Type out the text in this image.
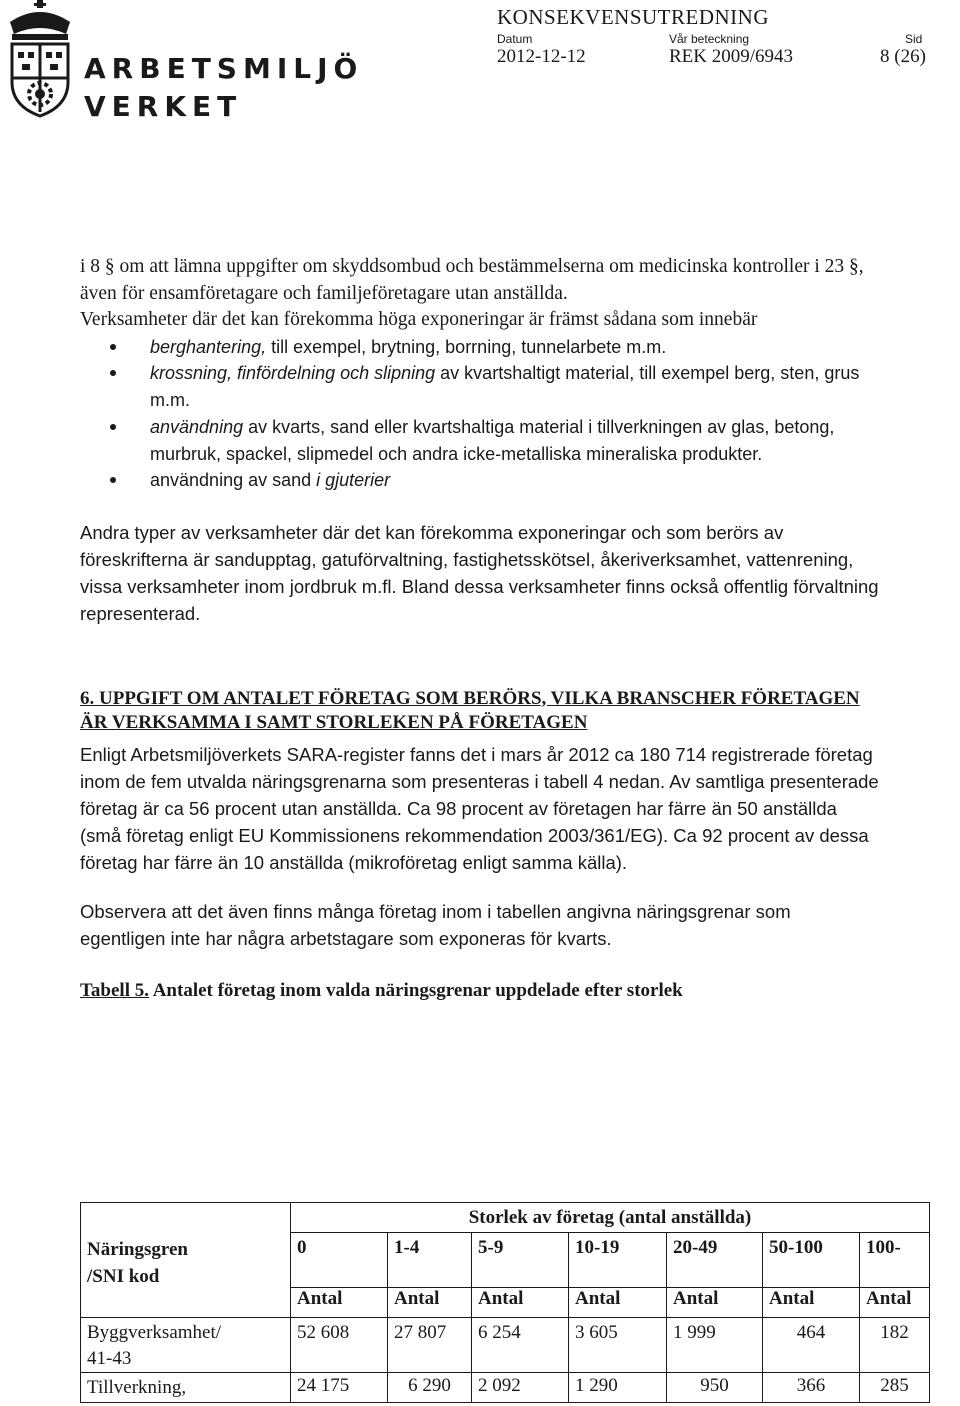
ARBETSMILJÖ
VERKET
KONSEKVENSUTREDNING
Datum	Vår beteckning	Sid
2012-12-12	REK 2009/6943	8 (26)

i 8 § om att lämna uppgifter om skyddsombud och bestämmelserna om medicinska kontroller i 23 §, även för ensamföretagare och familjeföretagare utan anställda.

Verksamheter där det kan förekomma höga exponeringar är främst sådana som innebär

berghantering, till exempel, brytning, borrning, tunnelarbete m.m.
krossning, finfördelning och slipning av kvartshaltigt material, till exempel berg, sten, grus m.m.
användning av kvarts, sand eller kvartshaltiga material i tillverkningen av glas, betong, murbruk, spackel, slipmedel och andra icke-metalliska mineraliska produkter.
användning av sand i gjuterier

Andra typer av verksamheter där det kan förekomma exponeringar och som berörs av föreskrifterna är sandupptag, gatuförvaltning, fastighetsskötsel, åkeriverksamhet, vattenrening, vissa verksamheter inom jordbruk m.fl. Bland dessa verksamheter finns också offentlig förvaltning representerad.

6. UPPGIFT OM ANTALET FÖRETAG SOM BERÖRS, VILKA BRANSCHER FÖRETAGEN ÄR VERKSAMMA I SAMT STORLEKEN PÅ FÖRETAGEN

Enligt Arbetsmiljöverkets SARA-register fanns det i mars år 2012 ca 180 714 registrerade företag inom de fem utvalda näringsgrenarna som presenteras i tabell 4 nedan. Av samtliga presenterade företag är ca 56 procent utan anställda. Ca 98 procent av företagen har färre än 50 anställda (små företag enligt EU Kommissionens rekommendation 2003/361/EG). Ca 92 procent av dessa företag har färre än 10 anställda (mikroföretag enligt samma källa).

Observera att det även finns många företag inom i tabellen angivna näringsgrenar som egentligen inte har några arbetstagare som exponeras för kvarts.

Tabell 5. Antalet företag inom valda näringsgrenar uppdelade efter storlek

Näringsgren
/SNI kod	Storlek av företag (antal anställda)						
	0	1-4	5-9	10-19	20-49	50-100	100-
	Antal	Antal	Antal	Antal	Antal	Antal	Antal

Byggverksamhet/
41-43	52 608	27 807	6 254	3 605	1 999	464	182

Tillverkning,	24 175	6 290	2 092	1 290	950	366	285
